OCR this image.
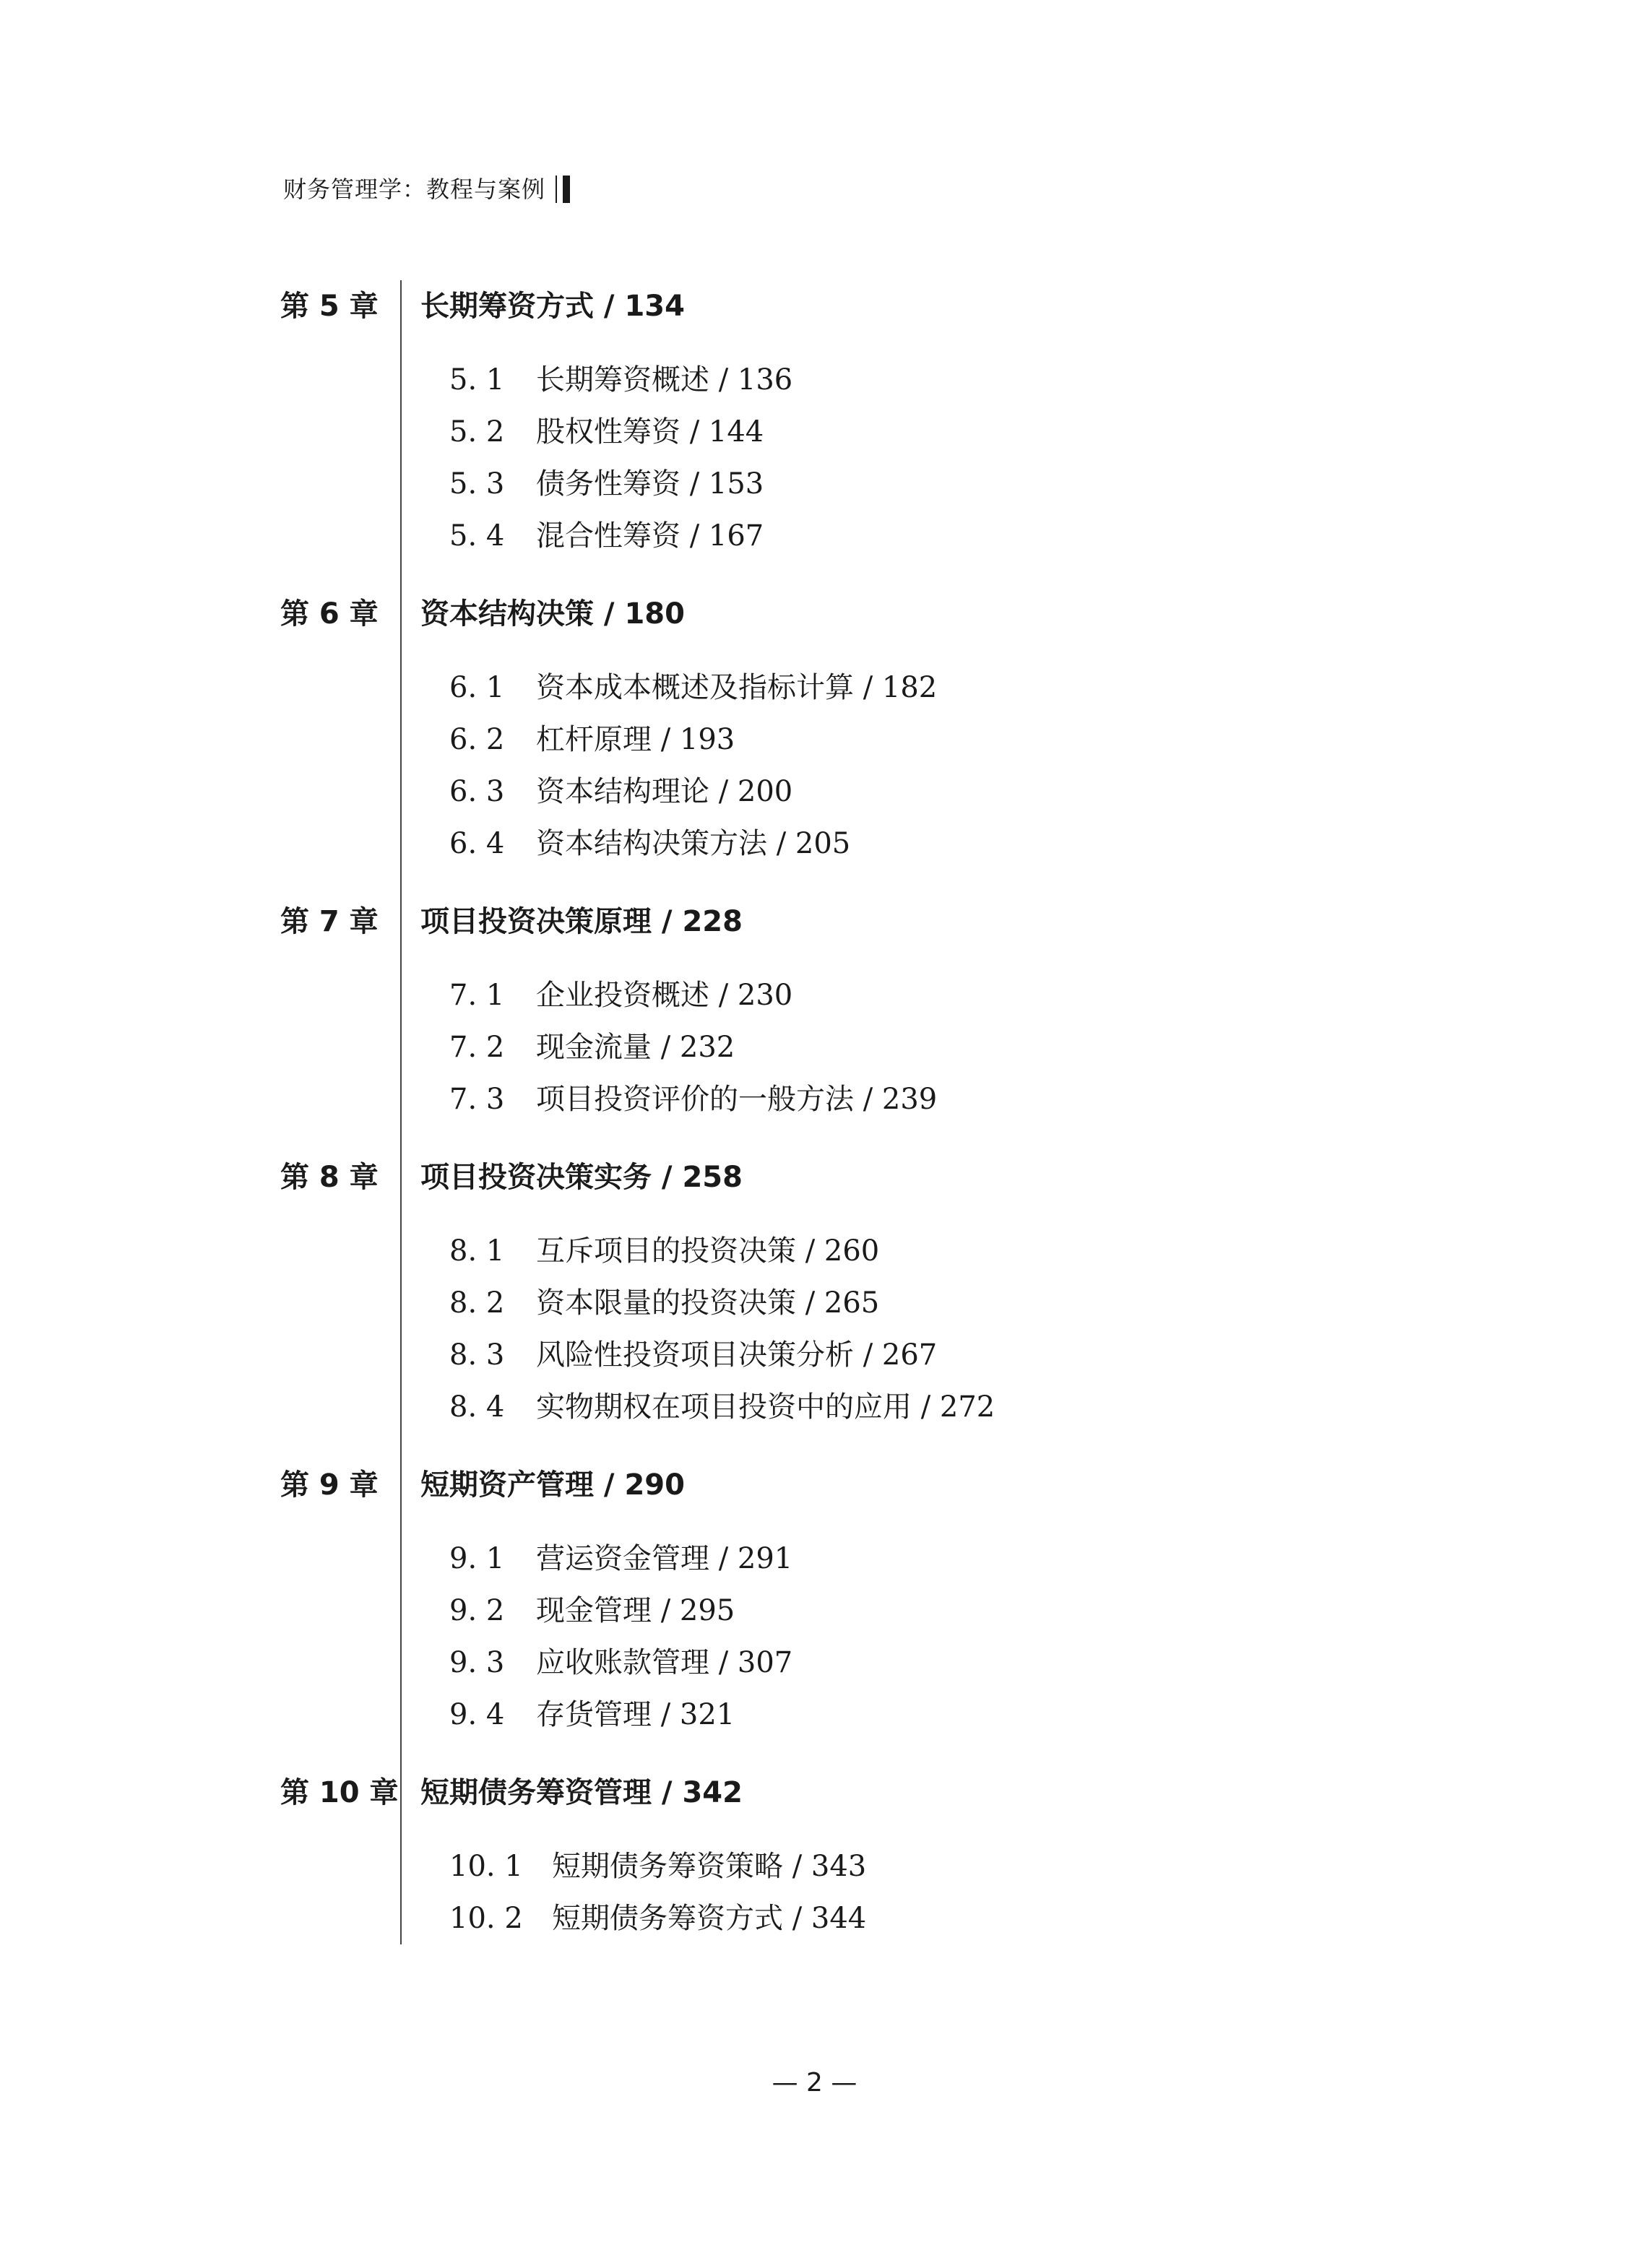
财务管理学：教程与案例
第 5 章	长期筹资方式 / 134
5. 1	长期筹资概述 / 136
5. 2	股权性筹资 / 144
5. 3	债务性筹资 / 153
5. 4	混合性筹资 / 167
第 6 章	资本结构决策 / 180
6. 1	资本成本概述及指标计算 / 182
6. 2	杠杆原理 / 193
6. 3	资本结构理论 / 200
6. 4	资本结构决策方法 / 205
第 7 章	项目投资决策原理 / 228
7. 1	企业投资概述 / 230
7. 2	现金流量 / 232
7. 3	项目投资评价的一般方法 / 239
第 8 章	项目投资决策实务 / 258
8. 1	互斥项目的投资决策 / 260
8. 2	资本限量的投资决策 / 265
8. 3	风险性投资项目决策分析 / 267
8. 4	实物期权在项目投资中的应用 / 272
第 9 章	短期资产管理 / 290
9. 1	营运资金管理 / 291
9. 2	现金管理 / 295
9. 3	应收账款管理 / 307
9. 4	存货管理 / 321
第 10 章 短期债务筹资管理 / 342
10. 1	短期债务筹资策略 / 343
10. 2	短期债务筹资方式 / 344
— 2 —
